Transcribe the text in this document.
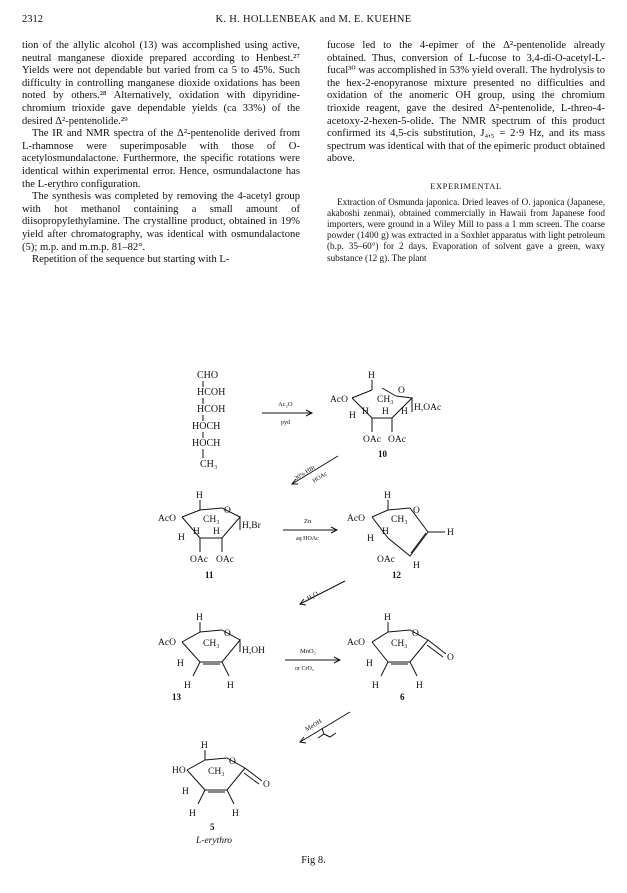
2312	K. H. HOLLENBEAK and M. E. KUEHNE

tion of the allylic alcohol (13) was accomplished using active, neutral manganese dioxide prepared according to Henbest.²⁷ Yields were not dependable but varied from ca 5 to 45%. Such difficulty in controlling manganese dioxide oxidations has been noted by others.²⁸ Alternatively, oxidation with dipyridine-chromium trioxide gave dependable yields (ca 33%) of the desired Δ²-pentenolide.²⁹

The IR and NMR spectra of the Δ²-pentenolide derived from L-rhamnose were superimposable with those of O-acetylosmundalactone. Furthermore, the specific rotations were identical within experimental error. Hence, osmundalactone has the L-erythro configuration.

The synthesis was completed by removing the 4-acetyl group with hot methanol containing a small amount of diisopropylethylamine. The crystalline product, obtained in 19% yield after chromatography, was identical with osmundalactone (5); m.p. and m.m.p. 81–82°.

Repetition of the sequence but starting with L-

fucose led to the 4-epimer of the Δ²-pentenolide already obtained. Thus, conversion of L-fucose to 3,4-di-O-acetyl-L-fucal³⁰ was accomplished in 53% yield overall. The hydrolysis to the hex-2-enopyranose mixture presented no difficulties and oxidation of the anomeric OH group, using the chromium trioxide reagent, gave the desired Δ²-pentenolide, L-threo-4-acetoxy-2-hexen-5-olide. The NMR spectrum of this product confirmed its 4,5-cis substitution, J₄,₅ = 2·9 Hz, and its mass spectrum was identical with that of the epimeric product obtained above.

EXPERIMENTAL

Extraction of Osmunda japonica. Dried leaves of O. japonica (Japanese, akaboshi zenmai), obtained commercially in Hawaii from Japanese food importers, were ground in a Wiley Mill to pass a 1 mm screen. The coarse powder (1400 g) was extracted in a Soxhlet apparatus with light petroleum (b.p. 35–60°) for 2 days. Evaporation of solvent gave a green, waxy substance (12 g). The plant

CHO
HCOH
HCOH
HOCH
HOCH
CH₃
Ac₂O
pyd
H
AcO	CH₃
O
H,OAc
H H H
H
OAc OAc
10
30% HBr
HOAc
H
AcO	CH₃
O
H,Br
H H
H
OAc OAc
11
Zn
aq HOAc
H
AcO	CH₃
O
H
H
H
OAc
H
12
H₂O
H
AcO	CH₃
O
H,OH
H
H	H
13
MnO₂
or CrO₃
H
AcO	CH₃
O
O
H
H	H
6
MeOH
H
HO CH₃
O
O
H
H	H
5
L-erythro
Fig 8.
